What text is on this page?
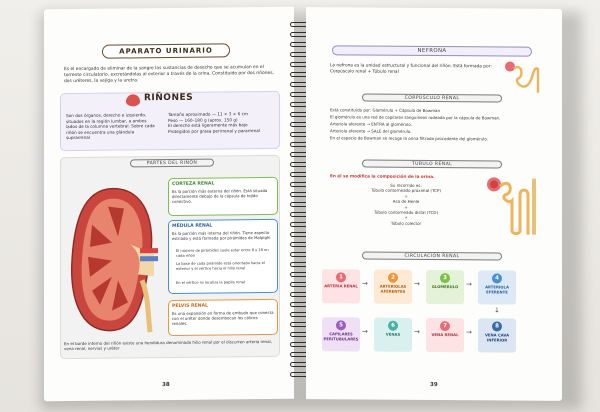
APARATO URINARIO
Es el encargado de eliminar de la sangre las sustancias de desecho que se acumulan en el torrente circulatorio, excretándolas al exterior a través de la orina. Constituido por dos riñones, dos uréteres, la vejiga y la uretra.
RIÑONES
Son dos órganos, derecho e izquierdo, situados en la región lumbar, a ambos lados de la columna vertebral. Sobre cada riñón se encuentra una glándula suprarrenal
Tamaño aproximado — 11 × 3 × 6 cm
Peso — 160–180 g (aprox. 150 g)
El derecho está ligeramente más bajo
Protegidos por grasa perirrenal y pararrenal
PARTES DEL RIÑÓN
CORTEZA RENAL
Es la porción más externa del riñón. Está situada directamente debajo de la cápsula de tejido conectivo.
MÉDULA RENAL
Es la porción más interna del riñón. Tiene aspecto estriado y está formada por pirámides de Malpighi
El número de pirámides suele estar entre 8 y 18 en cada riñón
La base de cada pirámide está orientada hacia el exterior y el vértice hacia el hilio renal
En el vértice se localiza la papila renal
PELVIS RENAL
Es una expansión en forma de embudo que conecta con el uréter donde desembocan los cálices renales.
En el borde interno del riñón existe una hendidura denominada hilio renal por el discurren arteria renal, vena renal, nervios y uréter
38
NEFRONA
La nefrona es la unidad estructural y funcional del riñón. Está formada por: Corpúsculo renal + Túbulo renal
CORPÚSCULO RENAL
Está constituido por: Glomérulo + Cápsula de Bowman
El glomérulo es una red de capilares sanguíneos rodeada por la cápsula de Bowman.
Arteriola aferente → ENTRA al glomérulo.
Arteriola eferente → SALE del glomérulo.
En el espacio de Bowman se recoge la orina filtrada procedente del glomérulo.
TÚBULO RENAL
En él se modifica la composición de la orina.
Su recorrido es:
Túbulo contorneado proximal (TCP)
+
Asa de Henle
+
Túbulo contorneado distal (TCD)
+
Túbulo colector
CIRCULACIÓN RENAL
1
ARTERIA RENAL →
2
ARTERIOLAS AFERENTES
→
3
GLOMÉRULO	→
4
ARTERIOLA EFERENTE
↓
5
CAPILARES PERITUBULARES
→
6
VENAS	→
7
VENA RENAL	→
8
VENA CAVA INFERIOR
39
